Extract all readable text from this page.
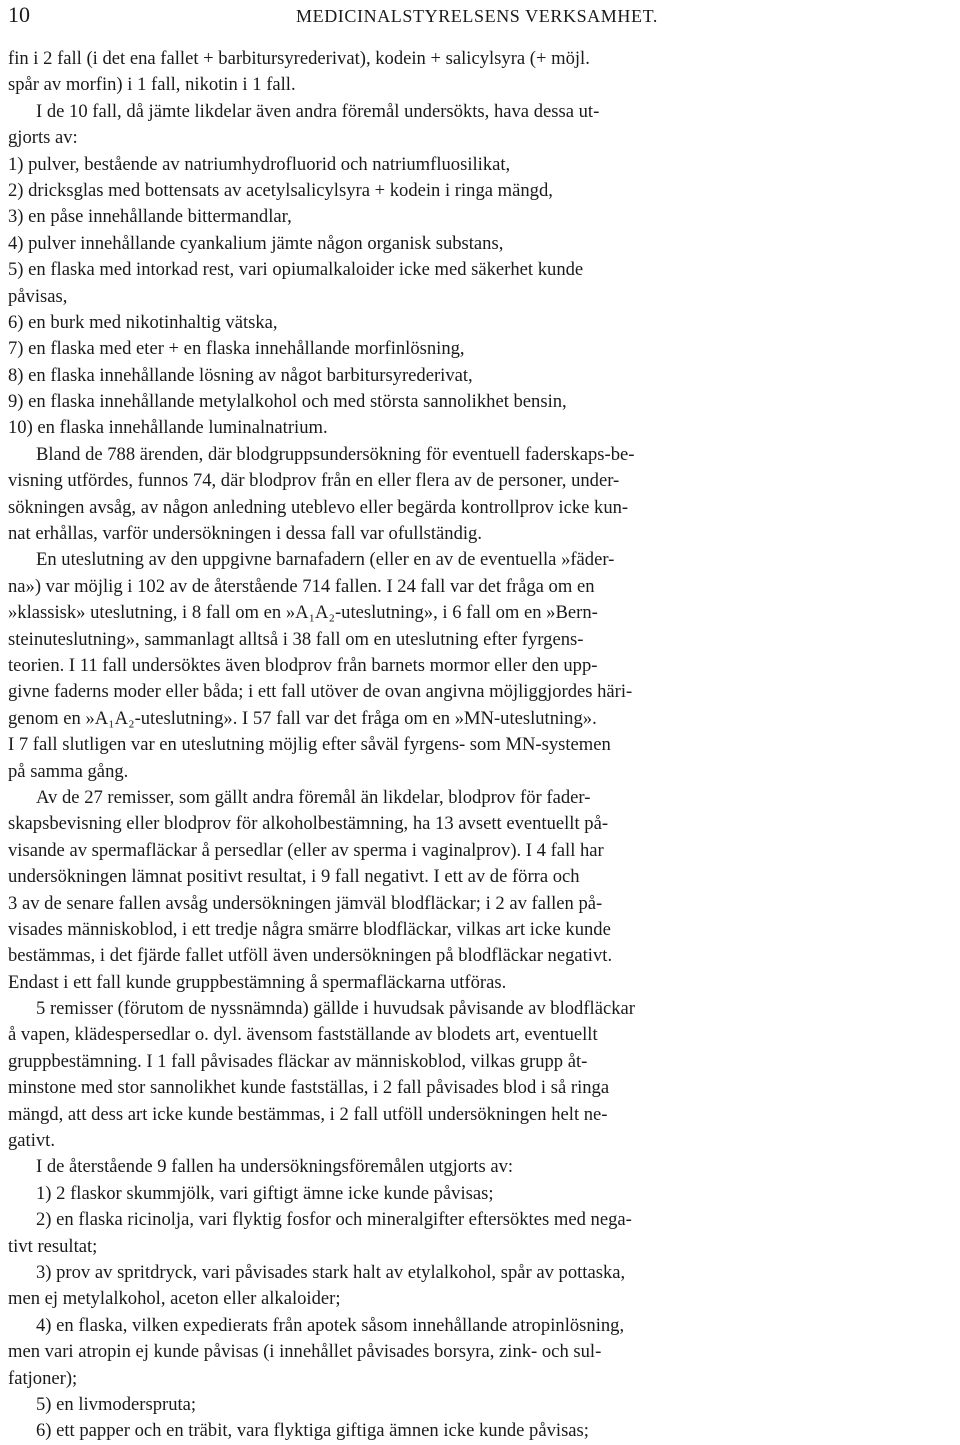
10	MEDICINALSTYRELSENS VERKSAMHET.
fin i 2 fall (i det ena fallet + barbitursyrederivat), kodein + salicylsyra (+ möjl.
spår av morfin) i 1 fall, nikotin i 1 fall.
I de 10 fall, då jämte likdelar även andra föremål undersökts, hava dessa ut-
gjorts av:
1) pulver, bestående av natriumhydrofluorid och natriumfluosilikat,
2) dricksglas med bottensats av acetylsalicylsyra + kodein i ringa mängd,
3) en påse innehållande bittermandlar,
4) pulver innehållande cyankalium jämte någon organisk substans,
5) en flaska med intorkad rest, vari opiumalkaloider icke med säkerhet kunde
påvisas,
6) en burk med nikotinhaltig vätska,
7) en flaska med eter + en flaska innehållande morfinlösning,
8) en flaska innehållande lösning av något barbitursyrederivat,
9) en flaska innehållande metylalkohol och med största sannolikhet bensin,
10) en flaska innehållande luminalnatrium.
Bland de 788 ärenden, där blodgruppsundersökning för eventuell faderskaps-be-
visning utfördes, funnos 74, där blodprov från en eller flera av de personer, under-
sökningen avsåg, av någon anledning uteblevo eller begärda kontrollprov icke kun-
nat erhållas, varför undersökningen i dessa fall var ofullständig.
En uteslutning av den uppgivne barnafadern (eller en av de eventuella »fäder-
na») var möjlig i 102 av de återstående 714 fallen. I 24 fall var det fråga om en
»klassisk» uteslutning, i 8 fall om en »A₁A₂-uteslutning», i 6 fall om en »Bern-
steinuteslutning», sammanlagt alltså i 38 fall om en uteslutning efter fyrgens-
teorien. I 11 fall undersöktes även blodprov från barnets mormor eller den upp-
givne faderns moder eller båda; i ett fall utöver de ovan angivna möjliggjordes häri-
genom en »A₁A₂-uteslutning». I 57 fall var det fråga om en »MN-uteslutning».
I 7 fall slutligen var en uteslutning möjlig efter såväl fyrgens- som MN-systemen
på samma gång.
Av de 27 remisser, som gällt andra föremål än likdelar, blodprov för fader-
skapsbevisning eller blodprov för alkoholbestämning, ha 13 avsett eventuellt på-
visande av spermafläckar å persedlar (eller av sperma i vaginalprov). I 4 fall har
undersökningen lämnat positivt resultat, i 9 fall negativt. I ett av de förra och
3 av de senare fallen avsåg undersökningen jämväl blodfläckar; i 2 av fallen på-
visades människoblod, i ett tredje några smärre blodfläckar, vilkas art icke kunde
bestämmas, i det fjärde fallet utföll även undersökningen på blodfläckar negativt.
Endast i ett fall kunde gruppbestämning å spermafläckarna utföras.
5 remisser (förutom de nyssnämnda) gällde i huvudsak påvisande av blodfläckar
å vapen, klädespersedlar o. dyl. ävensom fastställande av blodets art, eventuellt
gruppbestämning. I 1 fall påvisades fläckar av människoblod, vilkas grupp åt-
minstone med stor sannolikhet kunde fastställas, i 2 fall påvisades blod i så ringa
mängd, att dess art icke kunde bestämmas, i 2 fall utföll undersökningen helt ne-
gativt.
I de återstående 9 fallen ha undersökningsföremålen utgjorts av:
1) 2 flaskor skummjölk, vari giftigt ämne icke kunde påvisas;
2) en flaska ricinolja, vari flyktig fosfor och mineralgifter eftersöktes med nega-
tivt resultat;
3) prov av spritdryck, vari påvisades stark halt av etylalkohol, spår av pottaska,
men ej metylalkohol, aceton eller alkaloider;
4) en flaska, vilken expedierats från apotek såsom innehållande atropinlösning,
men vari atropin ej kunde påvisas (i innehållet påvisades borsyra, zink- och sul-
fatjoner);
5) en livmoderspruta;
6) ett papper och en träbit, vara flyktiga giftiga ämnen icke kunde påvisas;
